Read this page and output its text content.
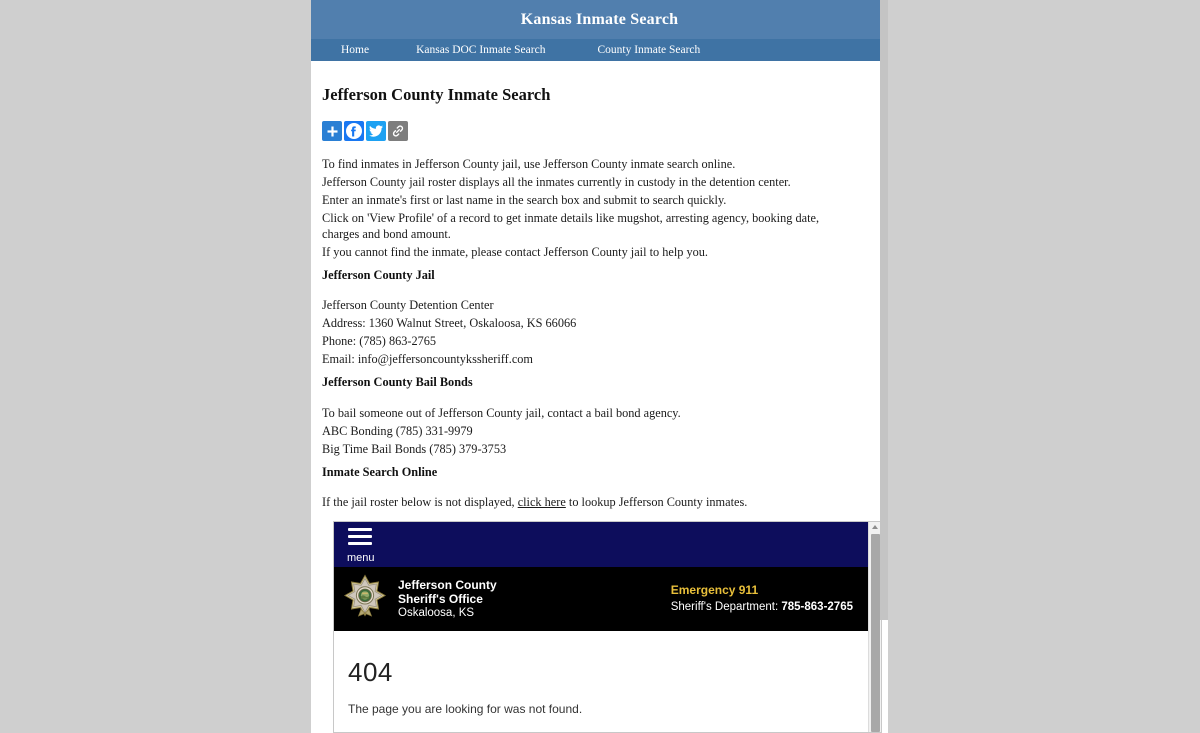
Kansas Inmate Search
Home	Kansas DOC Inmate Search	County Inmate Search
Jefferson County Inmate Search

To find inmates in Jefferson County jail, use Jefferson County inmate search online.

Jefferson County jail roster displays all the inmates currently in custody in the detention center.

Enter an inmate's first or last name in the search box and submit to search quickly.

Click on 'View Profile' of a record to get inmate details like mugshot, arresting agency, booking date, charges and bond amount.

If you cannot find the inmate, please contact Jefferson County jail to help you.

Jefferson County Jail

Jefferson County Detention Center

Address: 1360 Walnut Street, Oskaloosa, KS 66066

Phone: (785) 863-2765

Email: info@jeffersoncountykssheriff.com

Jefferson County Bail Bonds

To bail someone out of Jefferson County jail, contact a bail bond agency.

ABC Bonding (785) 331-9979

Big Time Bail Bonds (785) 379-3753

Inmate Search Online

If the jail roster below is not displayed, click here to lookup Jefferson County inmates.

menu
Jefferson County
Sheriff's Office
Oskaloosa, KS
Emergency 911
Sheriff's Department: 785-863-2765
404
The page you are looking for was not found.
